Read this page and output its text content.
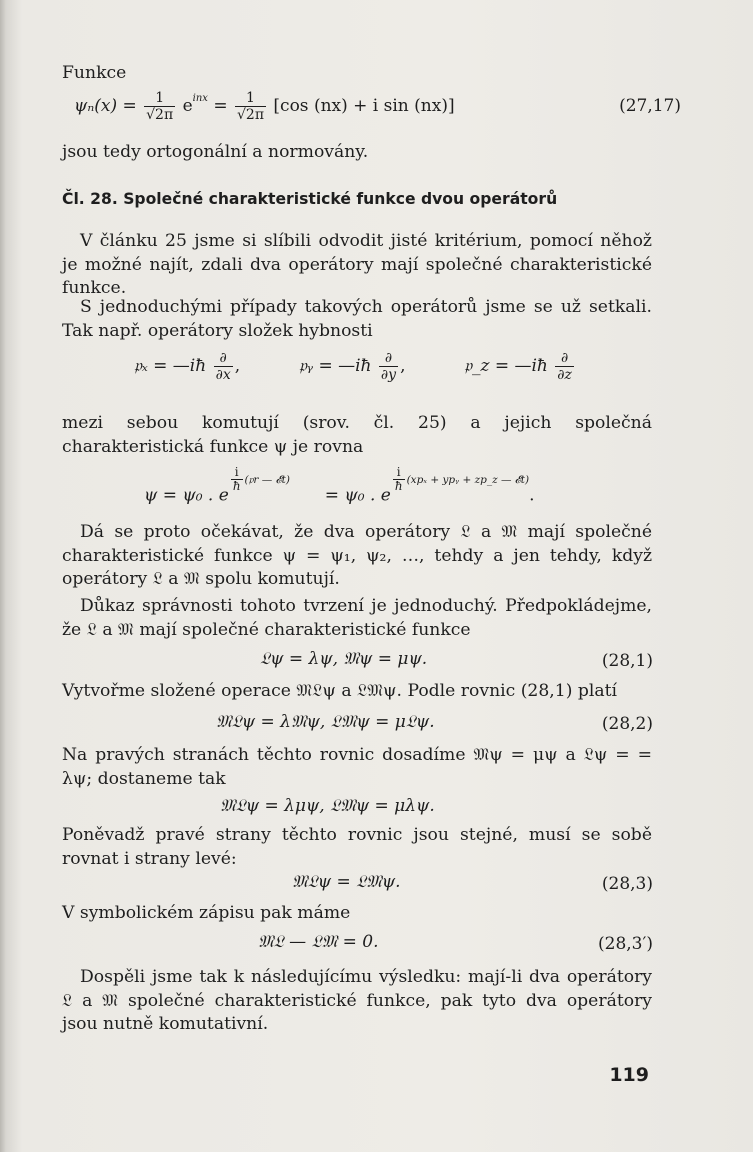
Funkce
$\psi_n(x) = \frac{1}{√2\pi} e^{inx} = \frac{1}{√2\pi} [\cos$ (nx) + i sin (nx)]	(27,17)
jsou tedy ortogonální a normovány.
Čl. 28. Společné charakteristické funkce dvou operátorů
V článku 25 jsme si slíbili odvodit jisté kritérium, pomocí něhož je možné najít, zdali dva operátory mají společné charakteristické funkce.
S jednoduchými případy takových operátorů jsme se už setkali. Tak např. operátory složek hybnosti
𝔭ₓ = —iħ $\frac{\partial}{\partial x}$ ,	𝔭ᵧ = —iħ $\frac{\partial}{\partial y}$ ,	𝔭_z = —iħ $\frac{\partial}{\partial z}$
mezi sebou komutují (srov. čl. 25) a jejich společná charakteristická funkce ψ je rovna
ψ = ψ₀ . e
$^{\frac{i}{ħ} (𝔭r — 𝓔t)}$  = ψ₀ . e
$^{\frac{i}{ħ} (xp_x + ypᵧ + zp\_z — 𝓔t)}$.
Dá se proto očekávat, že dva operátory 𝔏 a 𝔐 mají společné charakteristické funkce ψ = ψ₁, ψ₂, …, tehdy a jen tehdy, když operátory 𝔏 a 𝔐 spolu komutují.
Důkaz správnosti tohoto tvrzení je jednoduchý. Předpokládejme, že 𝔏 a 𝔐 mají společné charakteristické funkce
𝔏ψ = λψ, 𝔐ψ = μψ.	(28,1)
Vytvořme složené operace 𝔐𝔏ψ a 𝔏𝔐ψ. Podle rovnic (28,1) platí
𝔐𝔏ψ = λ𝔐ψ, 𝔏𝔐ψ = μ𝔏ψ.	(28,2)
Na pravých stranách těchto rovnic dosadíme 𝔐ψ = μψ a 𝔏ψ = = λψ; dostaneme tak
𝔐𝔏ψ = λμψ, 𝔏𝔐ψ = μλψ.
Poněvadž pravé strany těchto rovnic jsou stejné, musí se sobě rovnat i strany levé:
𝔐𝔏ψ = 𝔏𝔐ψ.	(28,3)
V symbolickém zápisu pak máme
𝔐𝔏 — 𝔏𝔐 = 0.	(28,3′)
Dospěli jsme tak k následujícímu výsledku: mají-li dva operátory 𝔏 a 𝔐 společné charakteristické funkce, pak tyto dva operátory jsou nutně komutativní.
119
